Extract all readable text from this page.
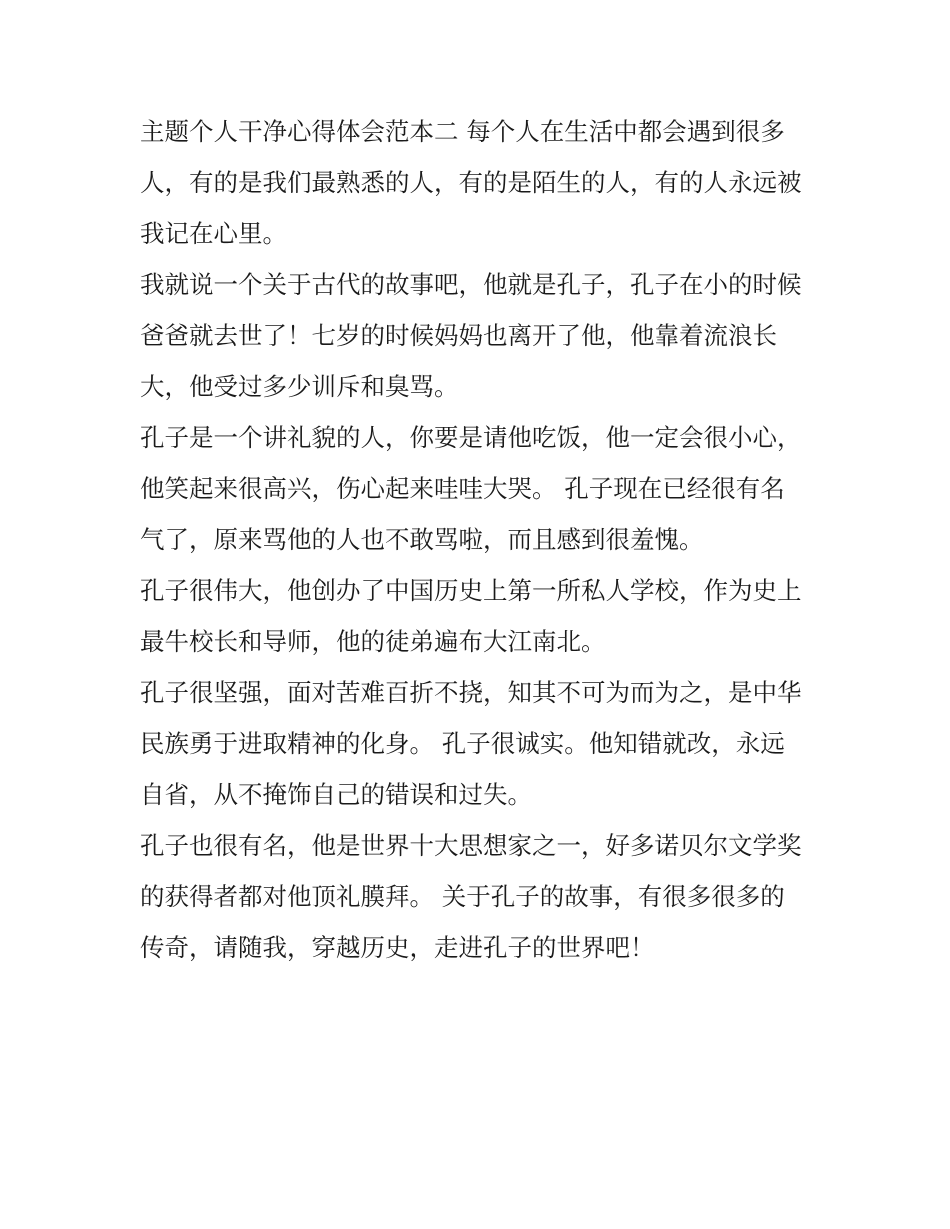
主题个人干净心得体会范本二 每个人在生活中都会遇到很多
人，有的是我们最熟悉的人，有的是陌生的人，有的人永远被
我记在心里。

我就说一个关于古代的故事吧，他就是孔子，孔子在小的时候
爸爸就去世了！七岁的时候妈妈也离开了他，他靠着流浪长
大，他受过多少训斥和臭骂。

孔子是一个讲礼貌的人，你要是请他吃饭，他一定会很小心，
他笑起来很高兴，伤心起来哇哇大哭。 孔子现在已经很有名
气了，原来骂他的人也不敢骂啦，而且感到很羞愧。

孔子很伟大，他创办了中国历史上第一所私人学校，作为史上
最牛校长和导师，他的徒弟遍布大江南北。

孔子很坚强，面对苦难百折不挠，知其不可为而为之，是中华
民族勇于进取精神的化身。 孔子很诚实。他知错就改，永远
自省，从不掩饰自己的错误和过失。

孔子也很有名，他是世界十大思想家之一，好多诺贝尔文学奖
的获得者都对他顶礼膜拜。 关于孔子的故事，有很多很多的
传奇，请随我，穿越历史，走进孔子的世界吧！
